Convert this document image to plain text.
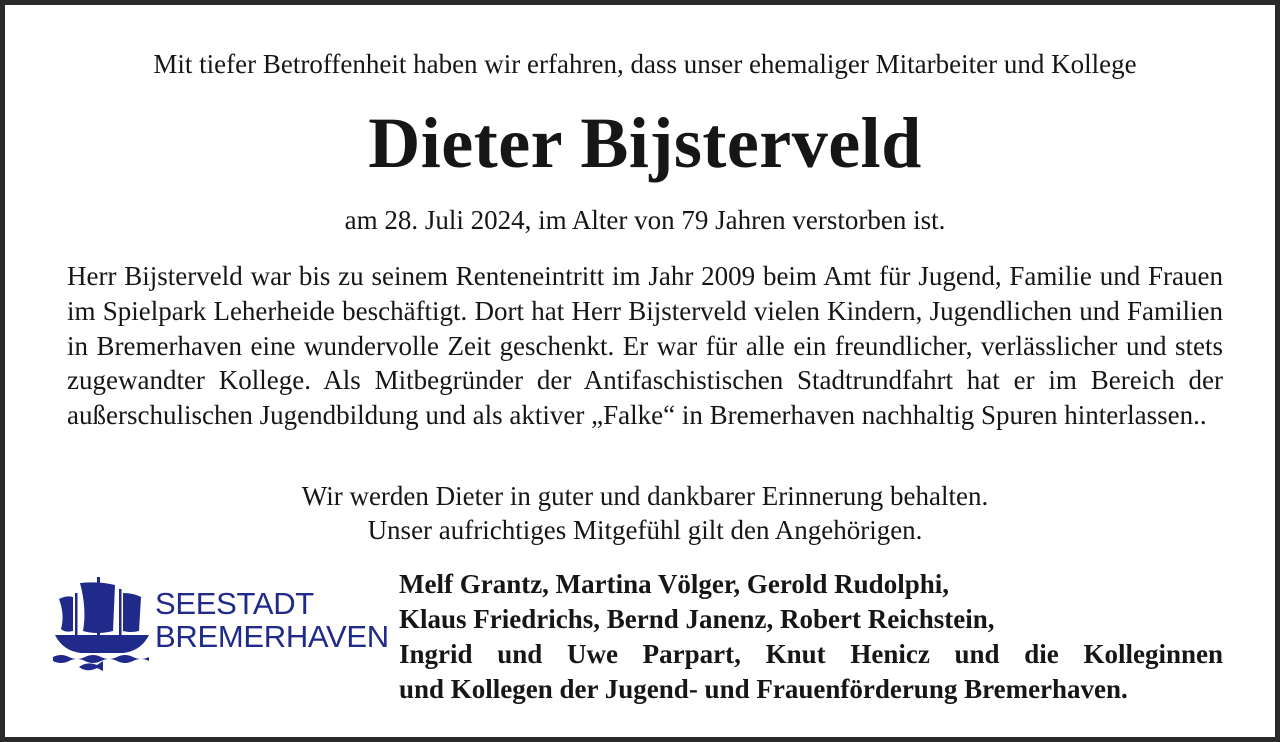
Mit tiefer Betroffenheit haben wir erfahren, dass unser ehemaliger Mitarbeiter und Kollege
Dieter Bijsterveld
am 28. Juli 2024, im Alter von 79 Jahren verstorben ist.
Herr Bijsterveld war bis zu seinem Renteneintritt im Jahr 2009 beim Amt für Jugend, Familie und Frauen im Spielpark Leherheide beschäftigt. Dort hat Herr Bijsterveld vielen Kindern, Jugendlichen und Familien in Bremerhaven eine wundervolle Zeit geschenkt. Er war für alle ein freundlicher, verlässlicher und stets zugewandter Kollege. Als Mitbegründer der Antifaschistischen Stadtrundfahrt hat er im Bereich der außerschulischen Jugendbildung und als aktiver „Falke“ in Bremerhaven nachhaltig Spuren hinterlassen..
Wir werden Dieter in guter und dankbarer Erinnerung behalten.
Unser aufrichtiges Mitgefühl gilt den Angehörigen.
SEESTADT
BREMERHAVEN
Melf Grantz, Martina Völger, Gerold Rudolphi,
Klaus Friedrichs, Bernd Janenz, Robert Reichstein,
Ingrid und Uwe Parpart, Knut Henicz und die Kolleginnen
und Kollegen der Jugend- und Frauenförderung Bremerhaven.
